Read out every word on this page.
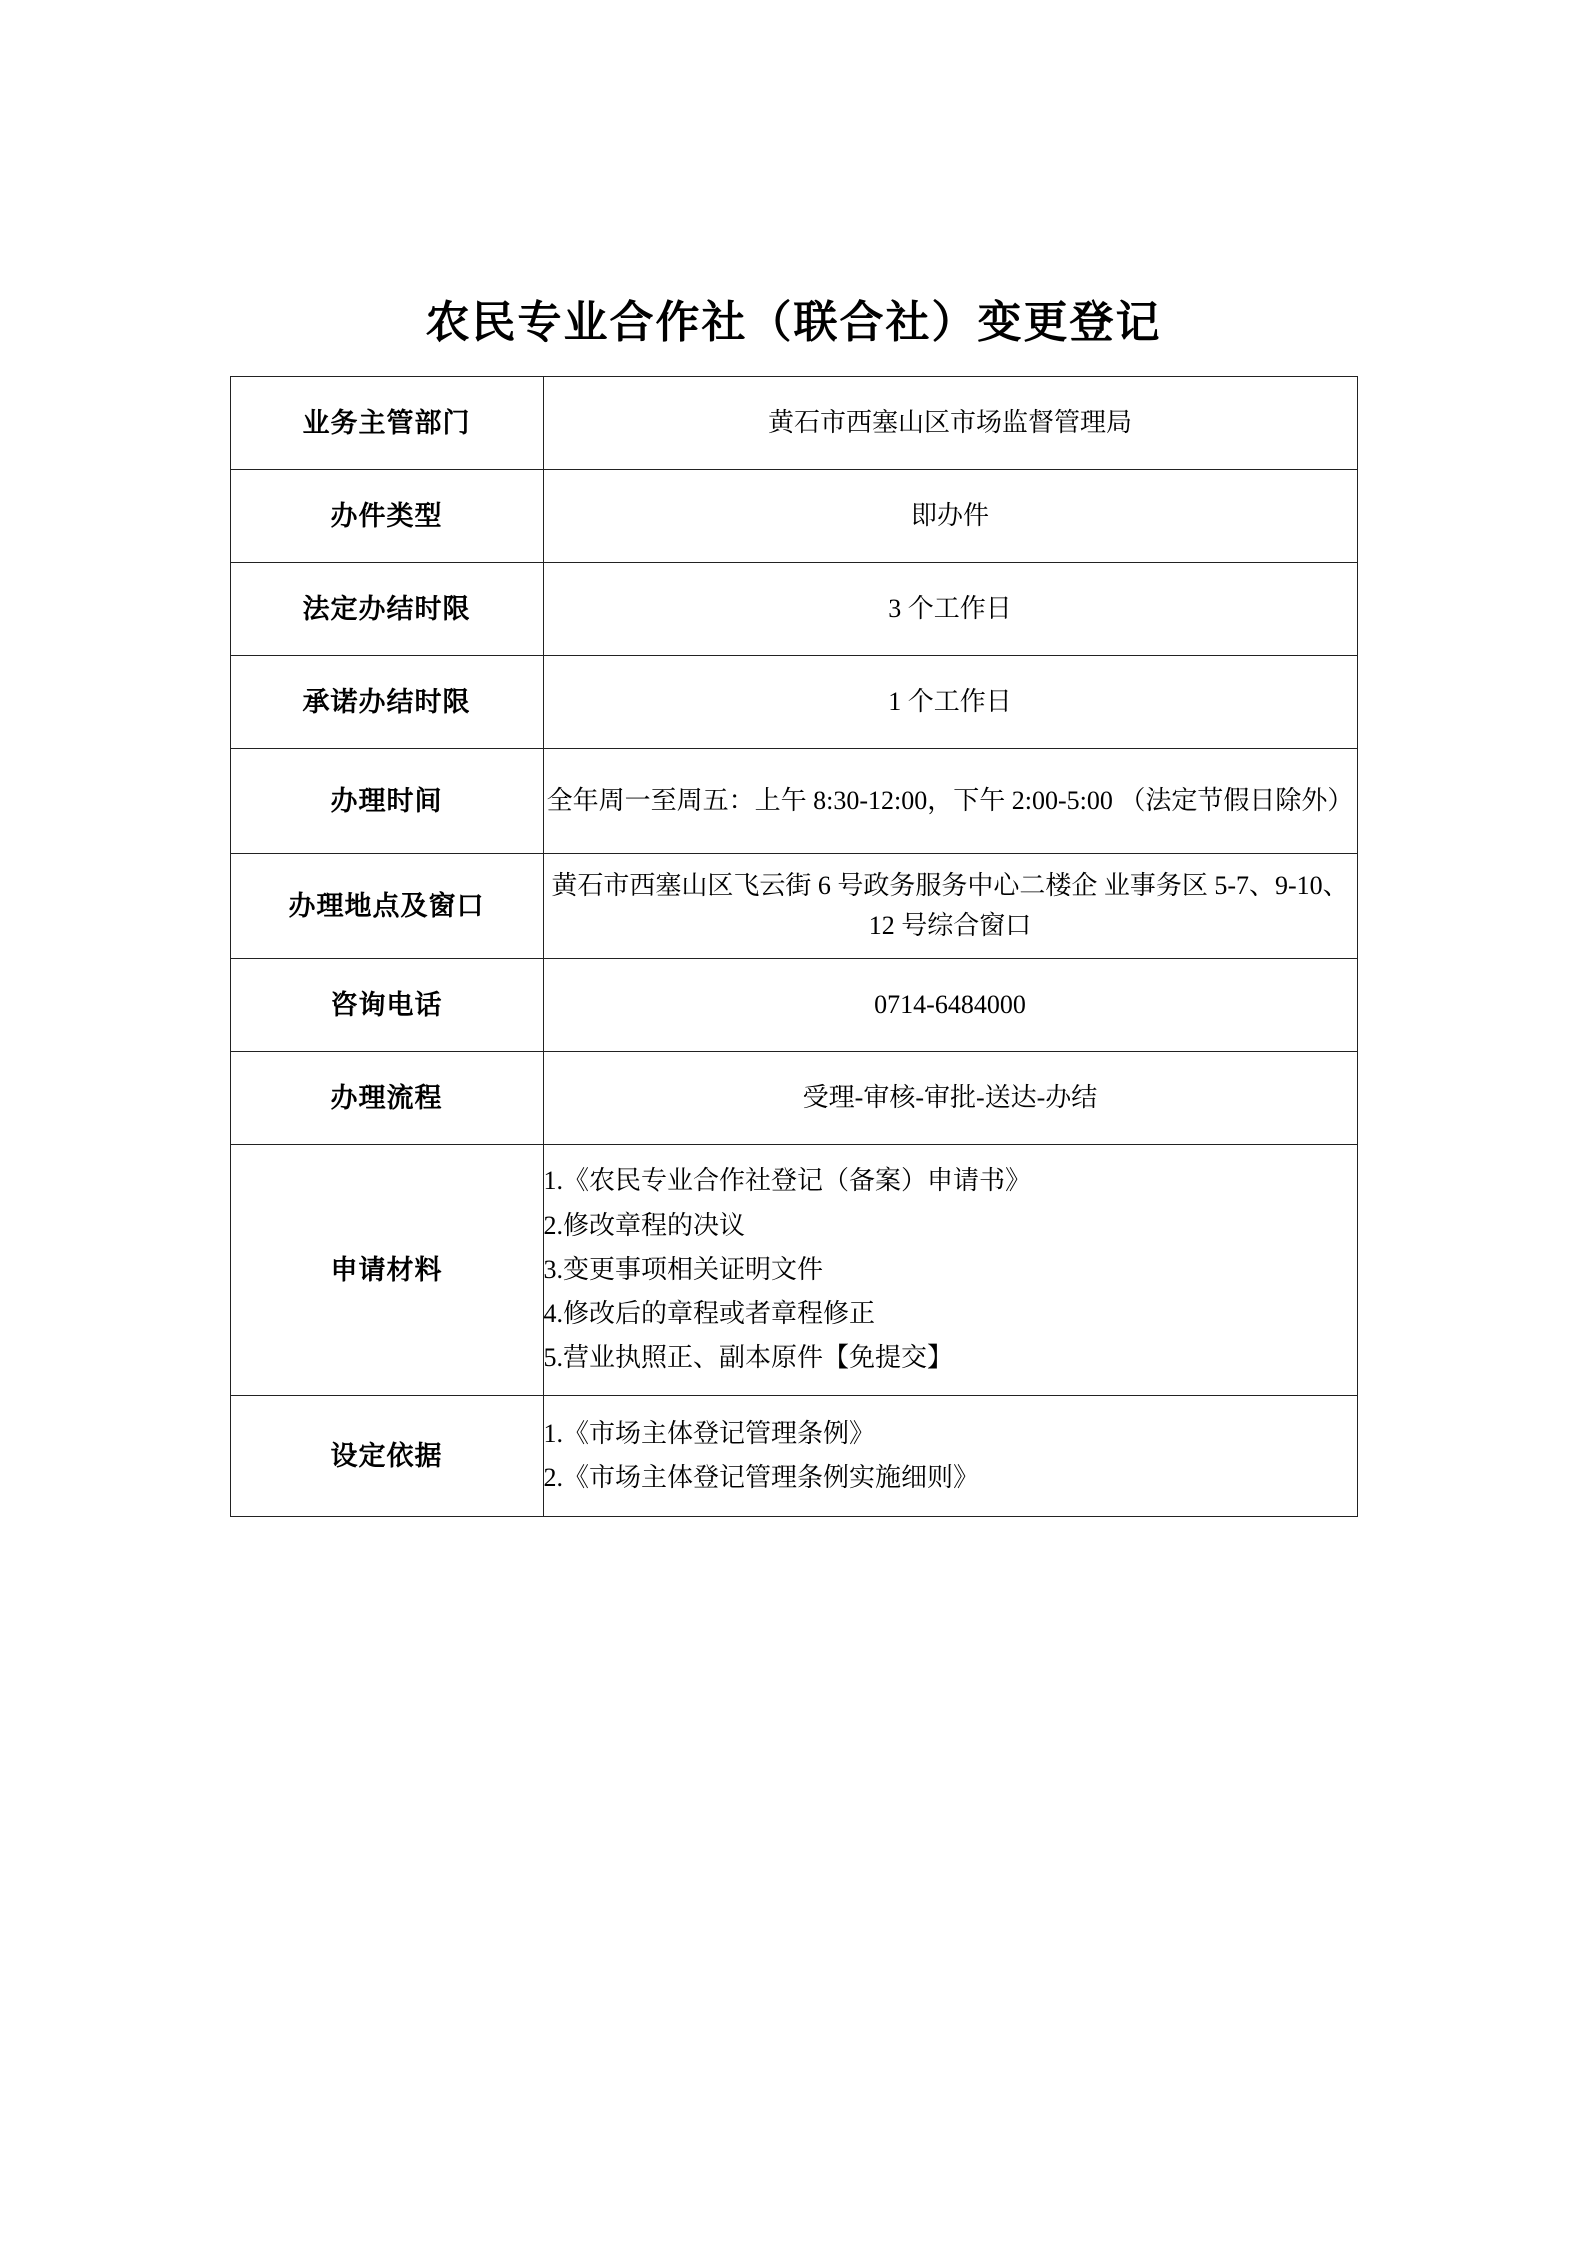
农民专业合作社（联合社）变更登记
业务主管部门	黄石市西塞山区市场监督管理局
办件类型	即办件
法定办结时限	3 个工作日
承诺办结时限	1 个工作日
办理时间	全年周一至周五：上午 8:30-12:00，下午 2:00-5:00 （法定节假日除外）
办理地点及窗口	黄石市西塞山区飞云街 6 号政务服务中心二楼企 业事务区 5-7、9-10、12 号综合窗口
咨询电话	0714-6484000
办理流程	受理-审核-审批-送达-办结
申请材料	1.《农民专业合作社登记（备案）申请书》
2.修改章程的决议
3.变更事项相关证明文件
4.修改后的章程或者章程修正
5.营业执照正、副本原件【免提交】

设定依据	1.《市场主体登记管理条例》
2.《市场主体登记管理条例实施细则》
